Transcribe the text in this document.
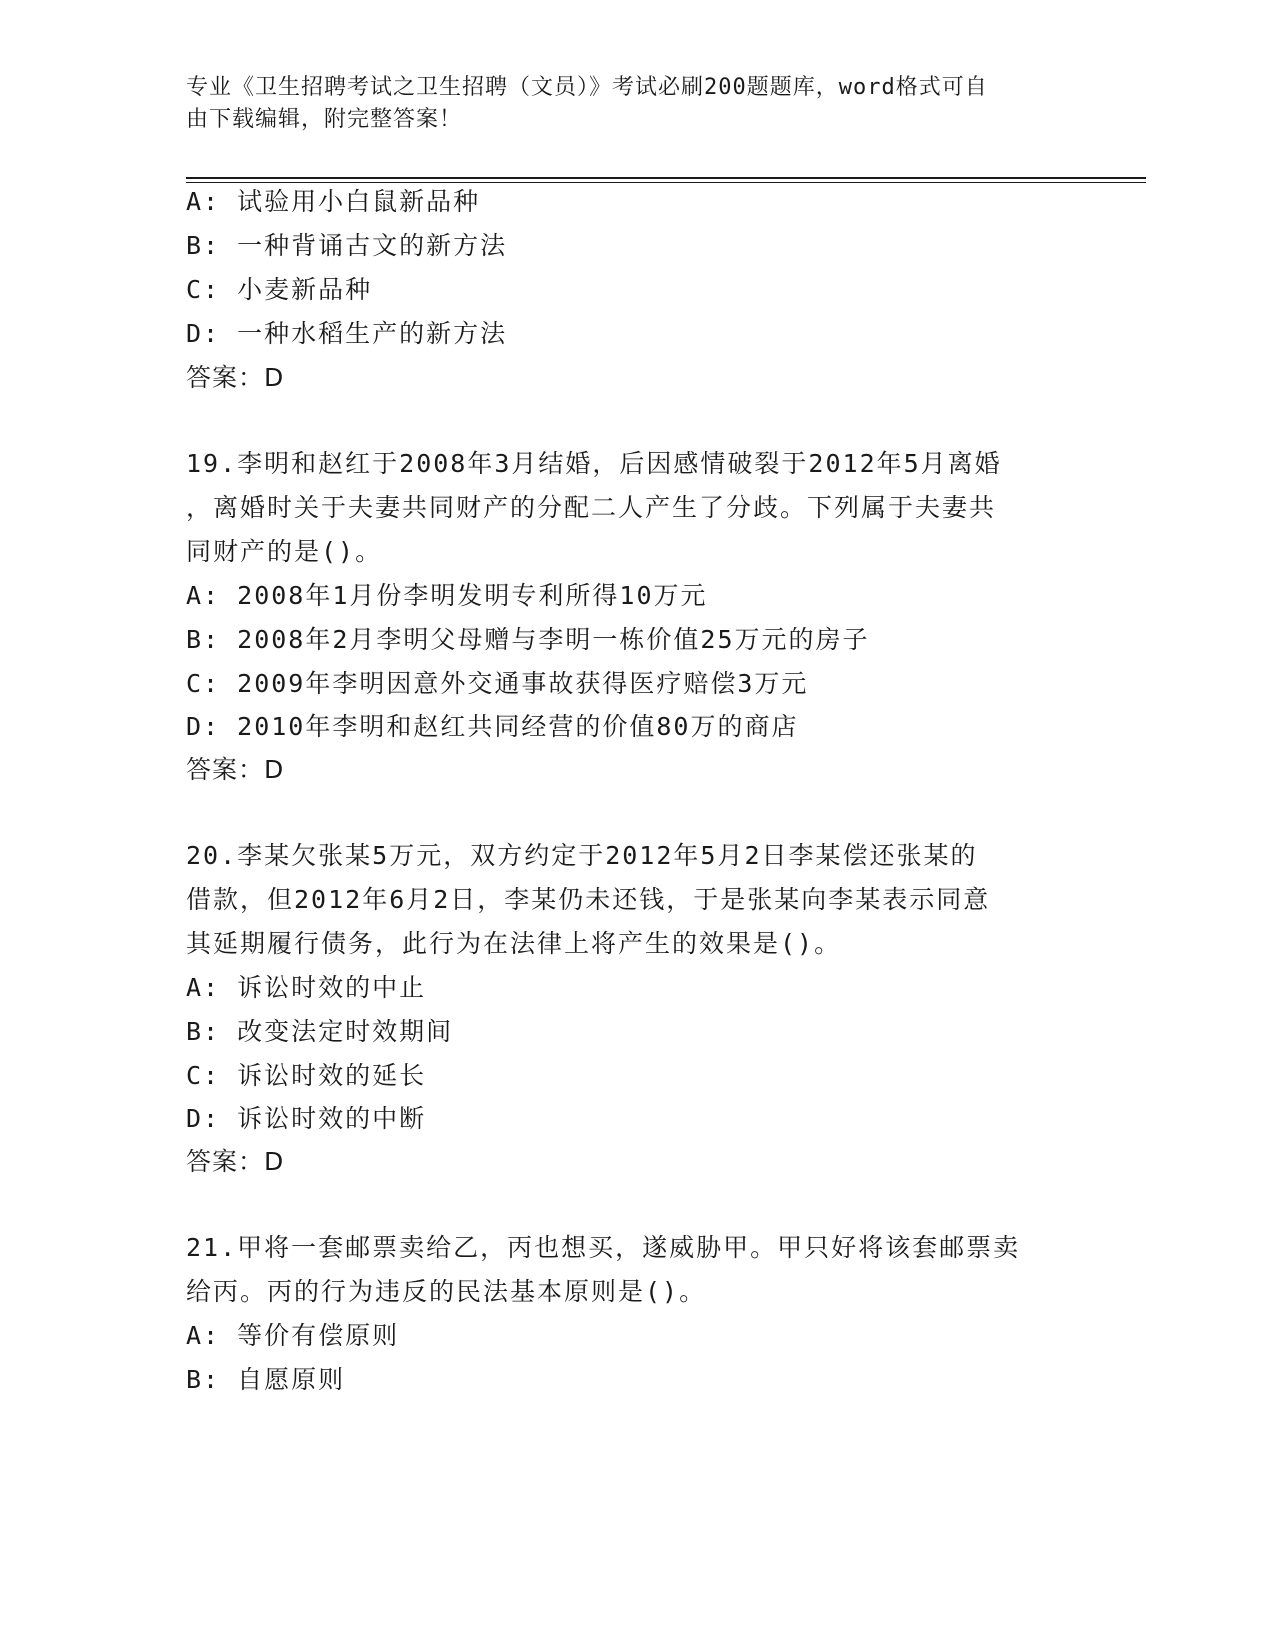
专业《卫生招聘考试之卫生招聘（文员）》考试必刷200题题库，word格式可自
由下载编辑，附完整答案！

A: 试验用小白鼠新品种

B: 一种背诵古文的新方法

C: 小麦新品种

D: 一种水稻生产的新方法

答案：D

19.李明和赵红于2008年3月结婚，后因感情破裂于2012年5月离婚

，离婚时关于夫妻共同财产的分配二人产生了分歧。下列属于夫妻共

同财产的是()。

A: 2008年1月份李明发明专利所得10万元

B: 2008年2月李明父母赠与李明一栋价值25万元的房子

C: 2009年李明因意外交通事故获得医疗赔偿3万元

D: 2010年李明和赵红共同经营的价值80万的商店

答案：D

20.李某欠张某5万元，双方约定于2012年5月2日李某偿还张某的

借款，但2012年6月2日，李某仍未还钱，于是张某向李某表示同意

其延期履行债务，此行为在法律上将产生的效果是()。

A: 诉讼时效的中止

B: 改变法定时效期间

C: 诉讼时效的延长

D: 诉讼时效的中断

答案：D

21.甲将一套邮票卖给乙，丙也想买，遂威胁甲。甲只好将该套邮票卖

给丙。丙的行为违反的民法基本原则是()。

A: 等价有偿原则

B: 自愿原则
